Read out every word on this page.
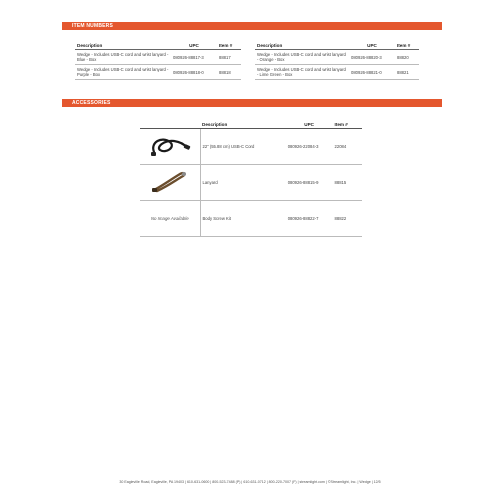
ITEM NUMBERS
Description	UPC	Item #
Wedge - Includes USB-C cord and wrist lanyard - Blue - Box	080926-88817-3	88817
Wedge - Includes USB-C cord and wrist lanyard - Purple - Box	080926-88818-0	88818
Description	UPC	Item #
Wedge - Includes USB-C cord and wrist lanyard - Orange - Box	080926-88820-3	88820
Wedge - Includes USB-C cord and wrist lanyard - Lime Green - Box	080926-88821-0	88821
ACCESSORIES
	Description	UPC	Item #
	22" (55.88 cm) USB-C Cord	080926-22084-3	22084
	Lanyard	080926-88815-9	88815
No Image Available	Body Screw Kit	080926-88822-7	88822
30 Eagleville Road, Eagleville, PA 19403 | 610-631-0600 | 800-523-7488 (P) | 610-631-0712 | 800-220-7007 (F) | streamlight.com | ©Streamlight, Inc. | Wedge | 12/5
